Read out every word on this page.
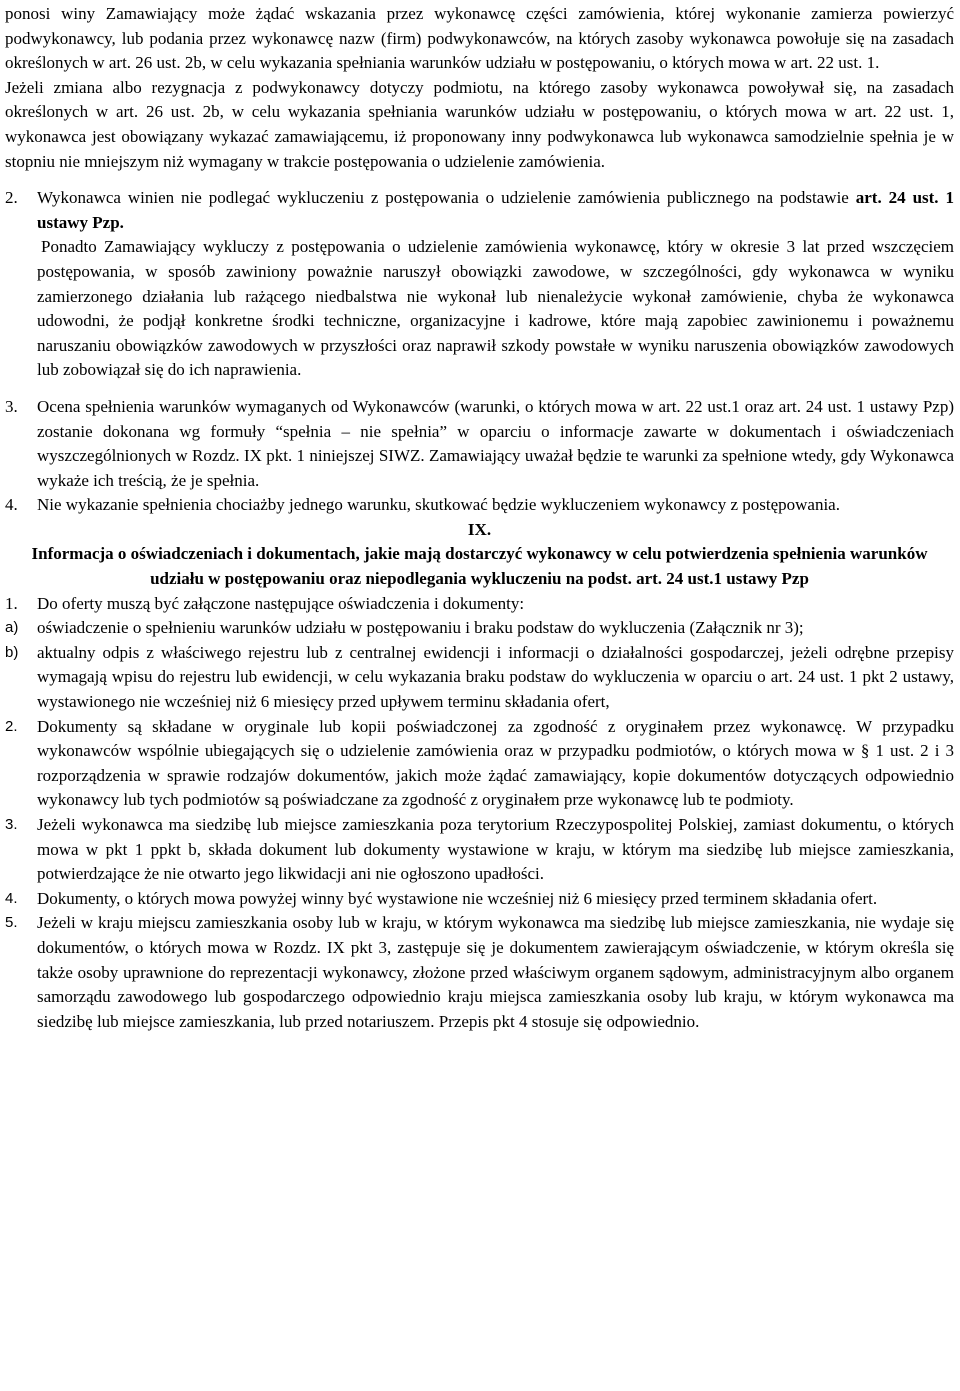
ponosi winy Zamawiający może żądać wskazania przez wykonawcę części zamówienia, której wykonanie zamierza powierzyć podwykonawcy, lub podania przez wykonawcę nazw (firm) podwykonawców, na których zasoby wykonawca powołuje się na zasadach określonych w art. 26 ust. 2b, w celu wykazania spełniania warunków udziału w postępowaniu, o których mowa w art. 22 ust. 1.

Jeżeli zmiana albo rezygnacja z podwykonawcy dotyczy podmiotu, na którego zasoby wykonawca powoływał się, na zasadach określonych w art. 26 ust. 2b, w celu wykazania spełniania warunków udziału w postępowaniu, o których mowa w art. 22 ust. 1, wykonawca jest obowiązany wykazać zamawiającemu, iż proponowany inny podwykonawca lub wykonawca samodzielnie spełnia je w stopniu nie mniejszym niż wymagany w trakcie postępowania o udzielenie zamówienia.

2.	Wykonawca winien nie podlegać wykluczeniu z postępowania o udzielenie zamówienia publicznego na podstawie art. 24 ust. 1 ustawy Pzp.

Ponadto Zamawiający wykluczy z postępowania o udzielenie zamówienia wykonawcę, który w okresie 3 lat przed wszczęciem postępowania, w sposób zawiniony poważnie naruszył obowiązki zawodowe, w szczególności, gdy wykonawca w wyniku zamierzonego działania lub rażącego niedbalstwa nie wykonał lub nienależycie wykonał zamówienie, chyba że wykonawca udowodni, że podjął konkretne środki techniczne, organizacyjne i kadrowe, które mają zapobiec zawinionemu i poważnemu naruszaniu obowiązków zawodowych w przyszłości oraz naprawił szkody powstałe w wyniku naruszenia obowiązków zawodowych lub zobowiązał się do ich naprawienia.

3.	Ocena spełnienia warunków wymaganych od Wykonawców (warunki, o których mowa w art. 22 ust.1 oraz art. 24 ust. 1 ustawy Pzp) zostanie dokonana wg formuły “spełnia – nie spełnia” w oparciu o informacje zawarte w dokumentach i oświadczeniach wyszczególnionych w Rozdz. IX pkt. 1 niniejszej SIWZ. Zamawiający uważał będzie te warunki za spełnione wtedy, gdy Wykonawca wykaże ich treścią, że je spełnia.
4.	Nie wykazanie spełnienia chociażby jednego warunku, skutkować będzie wykluczeniem wykonawcy z postępowania.

IX.

Informacja o oświadczeniach i dokumentach, jakie mają dostarczyć wykonawcy w celu potwierdzenia spełnienia warunków udziału w postępowaniu oraz niepodlegania wykluczeniu na podst. art. 24 ust.1 ustawy Pzp

1.	Do oferty muszą być załączone następujące oświadczenia i dokumenty:
a)	oświadczenie o spełnieniu warunków udziału w postępowaniu i braku podstaw do wykluczenia (Załącznik nr 3);
b)	aktualny odpis z właściwego rejestru lub z centralnej ewidencji i informacji o działalności gospodarczej, jeżeli odrębne przepisy wymagają wpisu do rejestru lub ewidencji, w celu wykazania braku podstaw do wykluczenia w oparciu o art. 24 ust. 1 pkt 2 ustawy, wystawionego nie wcześniej niż 6 miesięcy przed upływem terminu składania ofert,
2.	Dokumenty są składane w oryginale lub kopii poświadczonej za zgodność z oryginałem przez wykonawcę. W przypadku wykonawców wspólnie ubiegających się o udzielenie zamówienia oraz w przypadku podmiotów, o których mowa w § 1 ust. 2 i 3 rozporządzenia w sprawie rodzajów dokumentów, jakich może żądać zamawiający, kopie dokumentów dotyczących odpowiednio wykonawcy lub tych podmiotów są poświadczane za zgodność z oryginałem prze wykonawcę lub te podmioty.
3.	Jeżeli wykonawca ma siedzibę lub miejsce zamieszkania poza terytorium Rzeczypospolitej Polskiej, zamiast dokumentu, o których mowa w pkt 1 ppkt b, składa dokument lub dokumenty wystawione w kraju, w którym ma siedzibę lub miejsce zamieszkania, potwierdzające że nie otwarto jego likwidacji ani nie ogłoszono upadłości.
4.	Dokumenty, o których mowa powyżej winny być wystawione nie wcześniej niż 6 miesięcy przed terminem składania ofert.
5.	Jeżeli w kraju miejscu zamieszkania osoby lub w kraju, w którym wykonawca ma siedzibę lub miejsce zamieszkania, nie wydaje się dokumentów, o których mowa w Rozdz. IX pkt 3, zastępuje się je dokumentem zawierającym oświadczenie, w którym określa się także osoby uprawnione do reprezentacji wykonawcy, złożone przed właściwym organem sądowym, administracyjnym albo organem samorządu zawodowego lub gospodarczego odpowiednio kraju miejsca zamieszkania osoby lub kraju, w którym wykonawca ma siedzibę lub miejsce zamieszkania, lub przed notariuszem. Przepis pkt 4 stosuje się odpowiednio.
